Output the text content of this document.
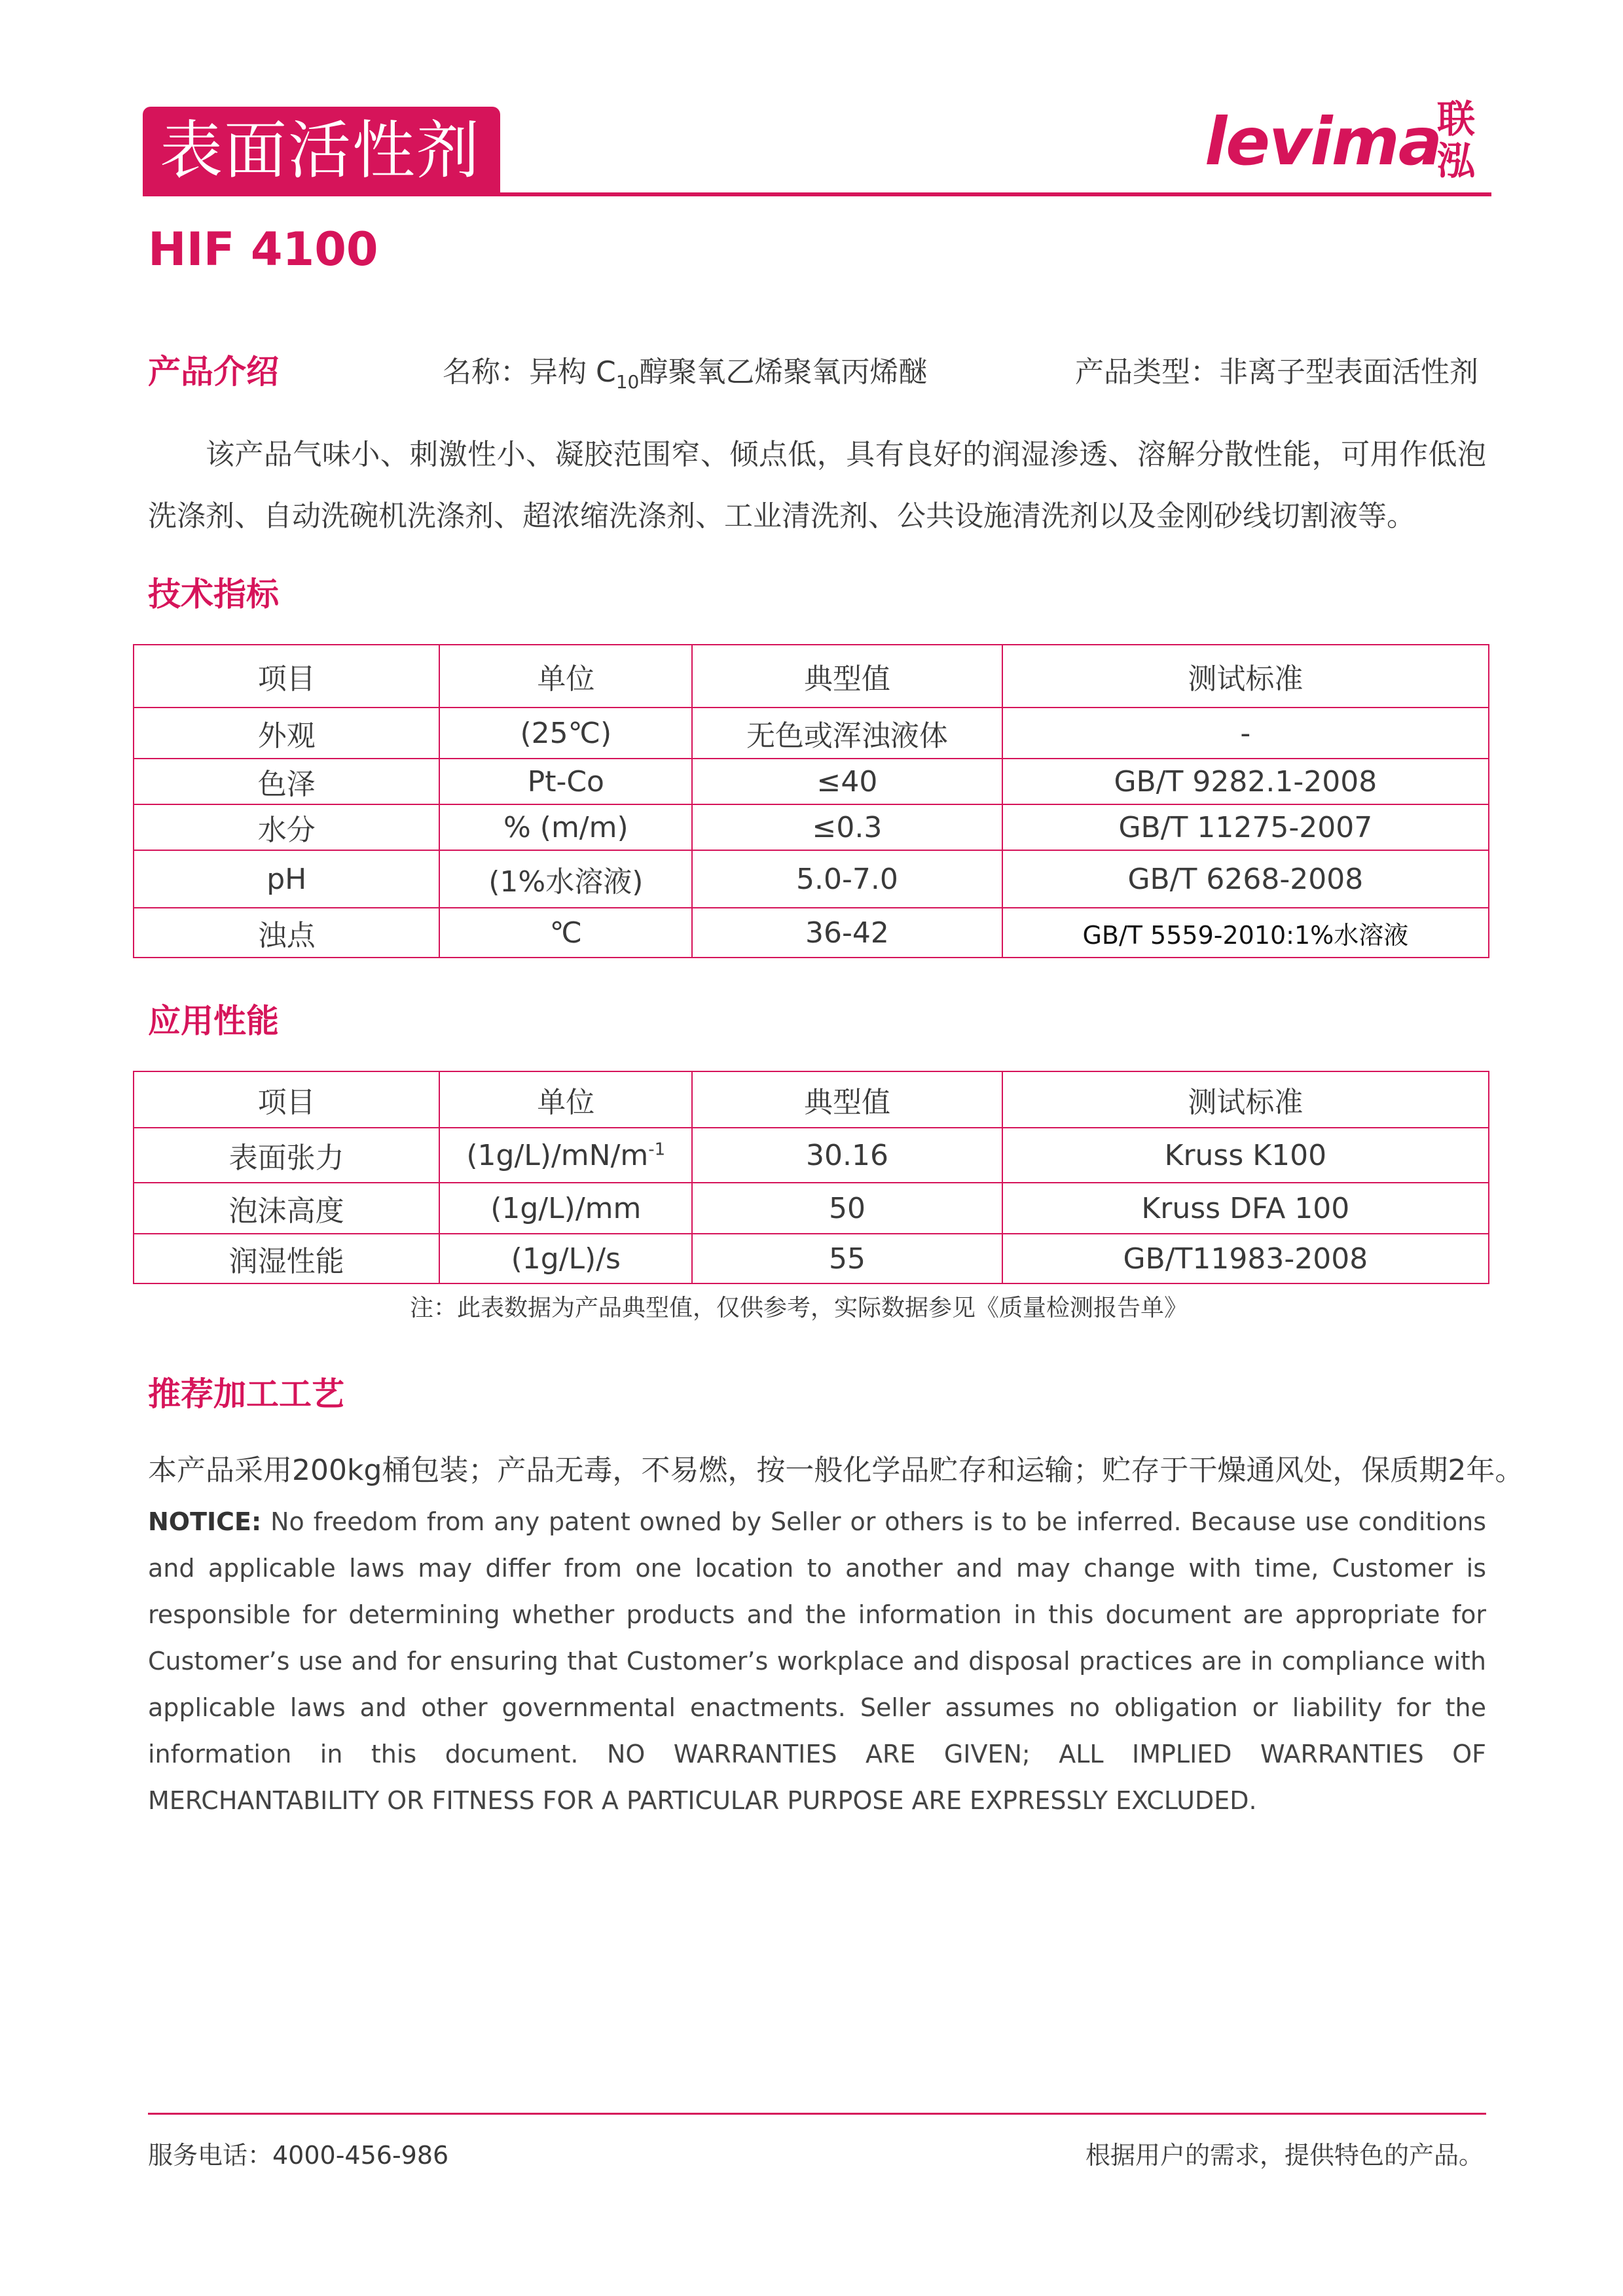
表面活性剂	levima
联泓
HIF 4100
产品介绍	名称：异构 $C_{10}$醇聚氧乙烯聚氧丙烯醚	产品类型：非离子型表面活性剂
该产品气味小、刺激性小、凝胶范围窄、倾点低，具有良好的润湿渗透、溶解分散性能，可用作低泡洗涤剂、自动洗碗机洗涤剂、超浓缩洗涤剂、工业清洗剂、公共设施清洗剂以及金刚砂线切割液等。
技术指标
项目	单位	典型值	测试标准
外观	(25℃)	无色或浑浊液体	-
色泽	Pt-Co	≤40	GB/T 9282.1-2008
水分	% (m/m)	≤0.3	GB/T 11275-2007
pH	(1%水溶液)	5.0-7.0	GB/T 6268-2008
浊点	℃	36-42	GB/T 5559-2010:1%水溶液
应用性能
项目	单位	典型值	测试标准
表面张力	$(1g/L)/mN/m^{-1}$	30.16	Kruss K100
泡沫高度	(1g/L)/mm	50	Kruss DFA 100
润湿性能	(1g/L)/s	55	GB/T11983-2008
注：此表数据为产品典型值，仅供参考，实际数据参见《质量检测报告单》
推荐加工工艺
本产品采用200kg桶包装；产品无毒，不易燃，按一般化学品贮存和运输；贮存于干燥通风处，保质期2年。
NOTICE: No freedom from any patent owned by Seller or others is to be inferred. Because use conditions and applicable laws may differ from one location to another and may change with time, Customer is responsible for determining whether products and the information in this document are appropriate for Customer’s use and for ensuring that Customer’s workplace and disposal practices are in compliance with applicable laws and other governmental enactments. Seller assumes no obligation or liability for the information in this document. NO WARRANTIES ARE GIVEN; ALL IMPLIED WARRANTIES OF MERCHANTABILITY OR FITNESS FOR A PARTICULAR PURPOSE ARE EXPRESSLY EXCLUDED.
服务电话：4000-456-986	根据用户的需求，提供特色的产品。
